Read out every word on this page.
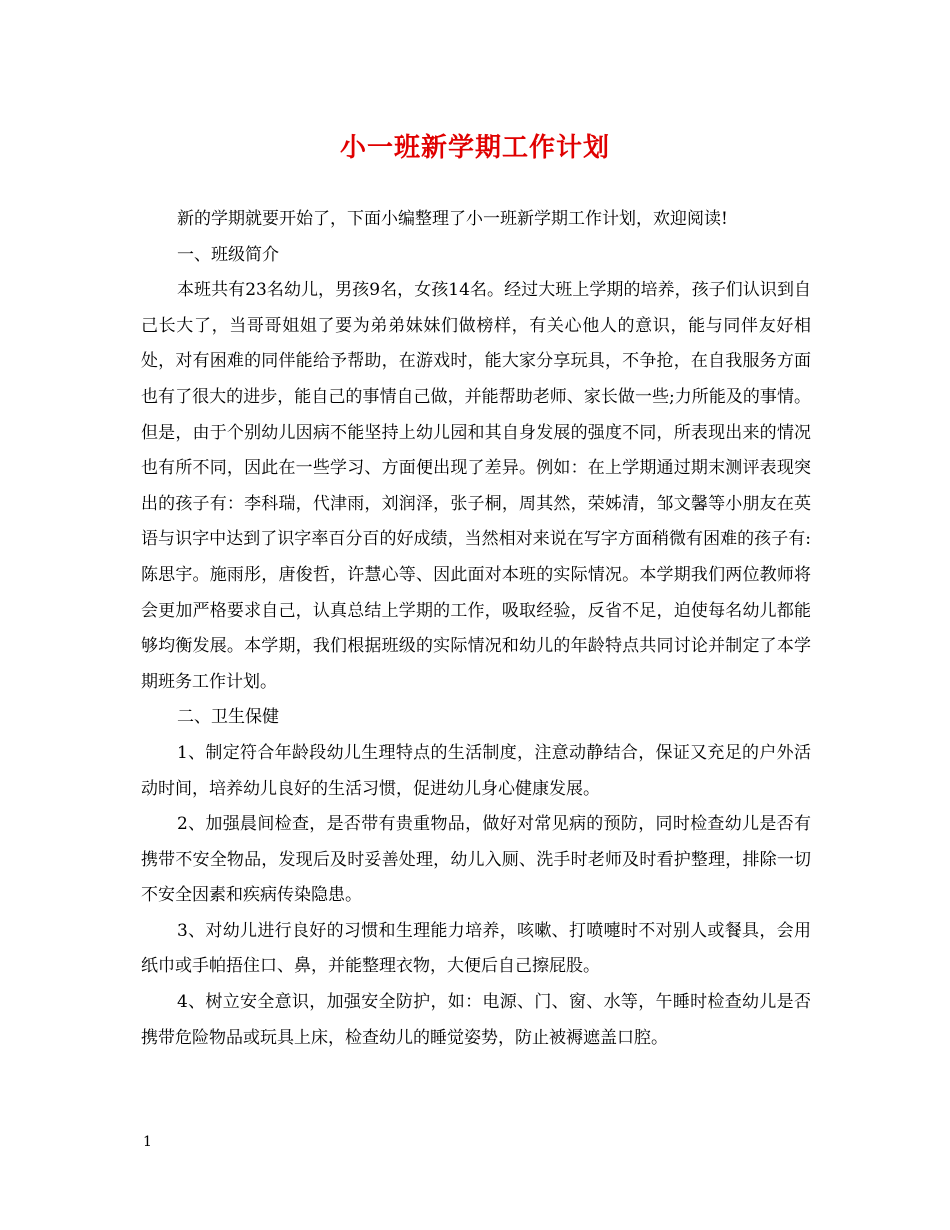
小一班新学期工作计划

新的学期就要开始了，下面小编整理了小一班新学期工作计划，欢迎阅读!

一、班级简介

本班共有23名幼儿，男孩9名，女孩14名。经过大班上学期的培养，孩子们认识到自己长大了，当哥哥姐姐了要为弟弟妹妹们做榜样，有关心他人的意识，能与同伴友好相处，对有困难的同伴能给予帮助，在游戏时，能大家分享玩具，不争抢，在自我服务方面也有了很大的进步，能自己的事情自己做，并能帮助老师、家长做一些;力所能及的事情。但是，由于个别幼儿因病不能坚持上幼儿园和其自身发展的强度不同，所表现出来的情况也有所不同，因此在一些学习、方面便出现了差异。例如：在上学期通过期末测评表现突出的孩子有：李科瑞，代津雨，刘润泽，张子桐，周其然，荣姊清，邹文馨等小朋友在英语与识字中达到了识字率百分百的好成绩，当然相对来说在写字方面稍微有困难的孩子有:陈思宇。施雨彤，唐俊哲，许慧心等、因此面对本班的实际情况。本学期我们两位教师将会更加严格要求自己，认真总结上学期的工作，吸取经验，反省不足，迫使每名幼儿都能够均衡发展。本学期，我们根据班级的实际情况和幼儿的年龄特点共同讨论并制定了本学期班务工作计划。

二、卫生保健

1、制定符合年龄段幼儿生理特点的生活制度，注意动静结合，保证又充足的户外活动时间，培养幼儿良好的生活习惯，促进幼儿身心健康发展。

2、加强晨间检查，是否带有贵重物品，做好对常见病的预防，同时检查幼儿是否有携带不安全物品，发现后及时妥善处理，幼儿入厕、洗手时老师及时看护整理，排除一切不安全因素和疾病传染隐患。

3、对幼儿进行良好的习惯和生理能力培养，咳嗽、打喷嚏时不对别人或餐具，会用纸巾或手帕捂住口、鼻，并能整理衣物，大便后自己擦屁股。

4、树立安全意识，加强安全防护，如：电源、门、窗、水等，午睡时检查幼儿是否携带危险物品或玩具上床，检查幼儿的睡觉姿势，防止被褥遮盖口腔。

1
